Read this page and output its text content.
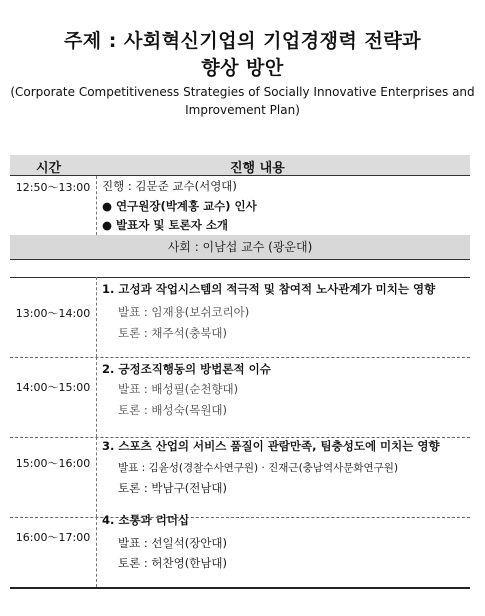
주제 : 사회혁신기업의 기업경쟁력 전략과
향상 방안
(Corporate Competitiveness Strategies of Socially Innovative Enterprises and
Improvement Plan)
시간	진행 내용
12:50～13:00	진행 : 김문준 교수(서영대)
● 연구원장(박계홍 교수) 인사
● 발표자 및 토론자 소개
사회 : 이남섭 교수 (광운대)
13:00～14:00
1. 고성과 작업시스템의 적극적 및 참여적 노사관계가 미치는 영향
발표 : 임재용(보쉬코리아)
토론 : 채주석(충북대)
14:00～15:00
2. 긍정조직행동의 방법론적 이슈
발표 : 배성필(순천향대)
토론 : 배성숙(목원대)
15:00～16:00
3. 스포츠 산업의 서비스 품질이 관람만족, 팀충성도에 미치는 영향
발표 : 김윤성(경찰수사연구원) · 진재근(충남역사문화연구원)
토론 : 박남구(전남대)
16:00～17:00
4. 소통과 리더십
발표 : 선일석(장안대)
토론 : 허찬영(한남대)
